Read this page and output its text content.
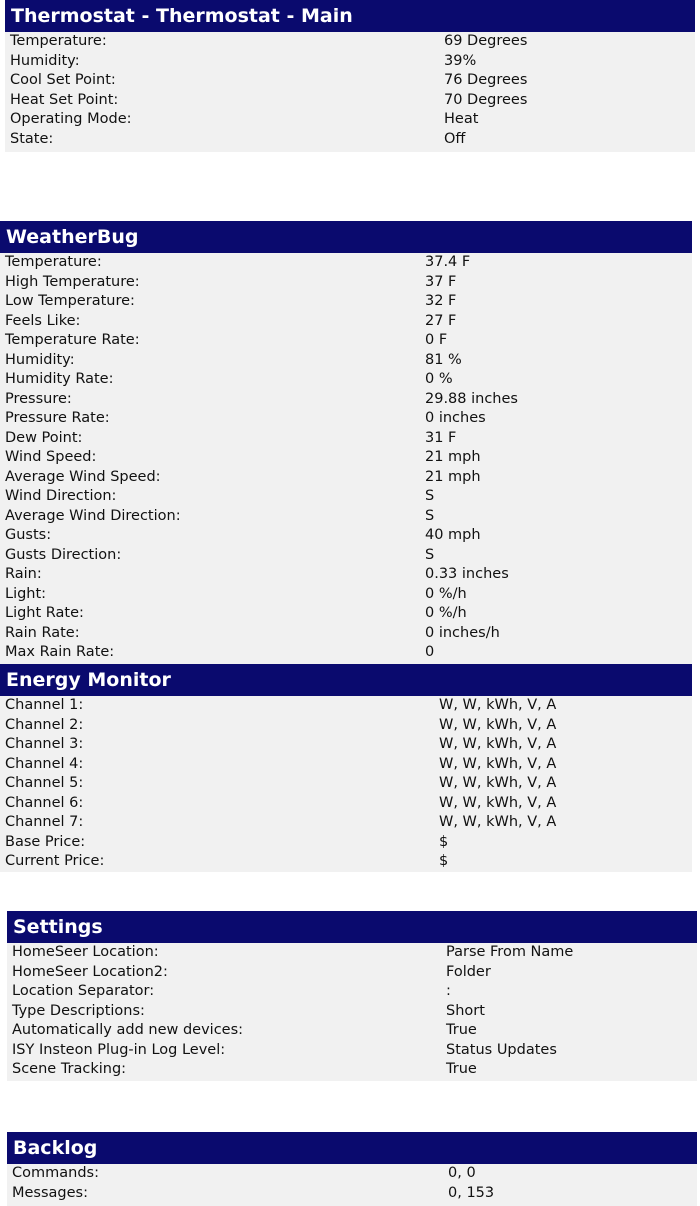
Thermostat - Thermostat - Main
Temperature:	69 Degrees
Humidity:	39%
Cool Set Point:	76 Degrees
Heat Set Point:	70 Degrees
Operating Mode:	Heat
State:	Off
WeatherBug
Temperature:	37.4 F
High Temperature:	37 F
Low Temperature:	32 F
Feels Like:	27 F
Temperature Rate:	0 F
Humidity:	81 %
Humidity Rate:	0 %
Pressure:	29.88 inches
Pressure Rate:	0 inches
Dew Point:	31 F
Wind Speed:	21 mph
Average Wind Speed:	21 mph
Wind Direction:	S
Average Wind Direction:	S
Gusts:	40 mph
Gusts Direction:	S
Rain:	0.33 inches
Light:	0 %/h
Light Rate:	0 %/h
Rain Rate:	0 inches/h
Max Rain Rate:	0
Energy Monitor
Channel 1:	W, W, kWh, V, A
Channel 2:	W, W, kWh, V, A
Channel 3:	W, W, kWh, V, A
Channel 4:	W, W, kWh, V, A
Channel 5:	W, W, kWh, V, A
Channel 6:	W, W, kWh, V, A
Channel 7:	W, W, kWh, V, A
Base Price:	$
Current Price:	$
Settings
HomeSeer Location:	Parse From Name
HomeSeer Location2:	Folder
Location Separator:	:
Type Descriptions:	Short
Automatically add new devices:	True
ISY Insteon Plug-in Log Level:	Status Updates
Scene Tracking:	True
Backlog
Commands:	0, 0
Messages:	0, 153
